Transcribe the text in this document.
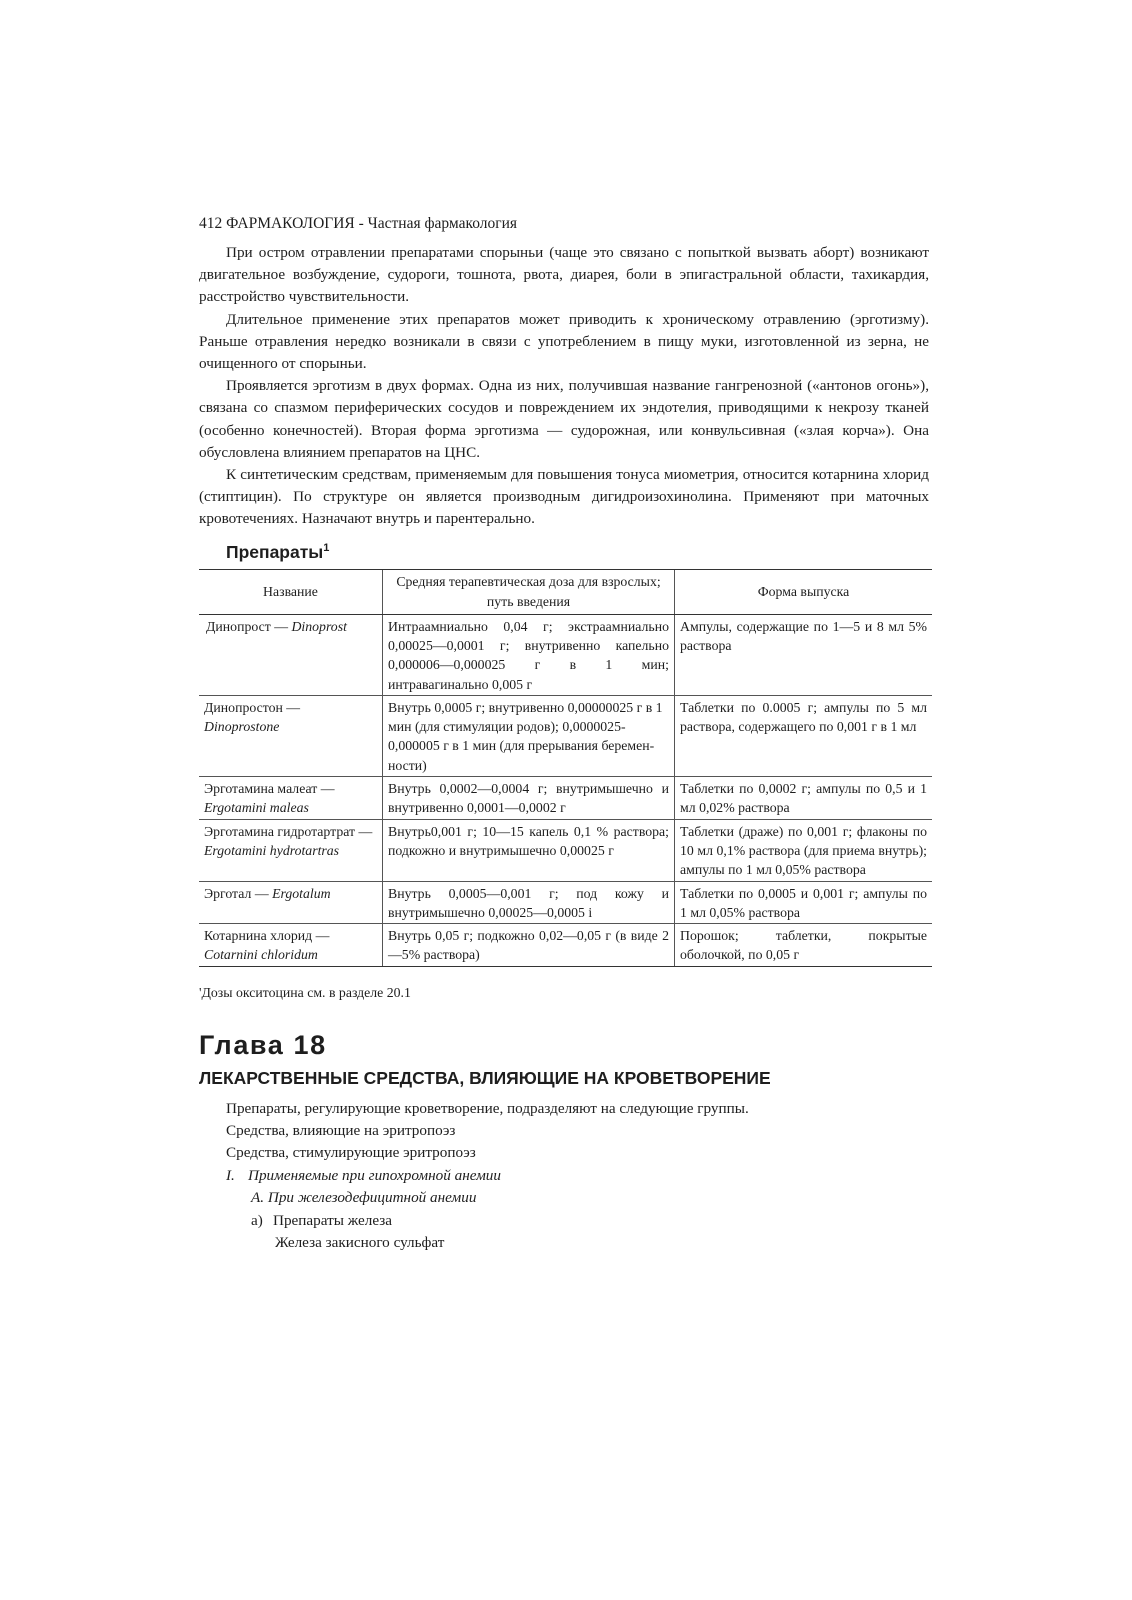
412 ФАРМАКОЛОГИЯ - Частная фармакология

При остром отравлении препаратами спорыньи (чаще это связано с попыткой вызвать аборт) возникают двигательное возбуждение, судороги, тошнота, рвота, диарея, боли в эпигастральной области, тахикардия, расстройство чувствительности.

Длительное применение этих препаратов может приводить к хроническому отравлению (эрготизму). Раньше отравления нередко возникали в связи с употреблением в пищу муки, изготовленной из зерна, не очищенного от спорыньи.

Проявляется эрготизм в двух формах. Одна из них, получившая название гангренозной («антонов огонь»), связана со спазмом периферических сосудов и повреждением их эндотелия, приводящими к некрозу тканей (особенно конечностей). Вторая форма эрготизма — судорожная, или конвульсивная («злая корча»). Она обусловлена влиянием препаратов на ЦНС.

К синтетическим средствам, применяемым для повышения тонуса миометрия, относится котарнина хлорид (стиптицин). По структуре он является производным дигидроизохинолина. Применяют при маточных кровотечениях. Назначают внутрь и парентерально.

Препараты$^1$
Название	Средняя терапевтическая доза для взрослых; путь введения	Форма выпуска
Динопрост — Dinoprost	Интраамниально 0,04 г; экстраамниально 0,00025—0,0001 г; внутривенно капельно 0,000006—0,000025 г в 1 мин; интравагинально 0,005 г	Ампулы, содержащие по 1—5 и 8 мл 5% раствора
Динопростон — Dinoprostone	Внутрь 0,0005 г; внутривенно 0,00000025 г в 1 мин (для стимуляции родов); 0,0000025-0,000005 г в 1 мин (для прерывания беременности)	Таблетки по 0.0005 г; ампулы по 5 мл раствора, содержащего по 0,001 г в 1 мл
Эрготамина малеат — Ergotamini maleas	Внутрь 0,0002—0,0004 г; внутримышечно и внутривенно 0,0001—0,0002 г	Таблетки по 0,0002 г; ампулы по 0,5 и 1 мл 0,02% раствора
Эрготамина гидротартрат — Ergotamini hydrotartras	Внутрь0,001 г; 10—15 капель 0,1 % раствора; подкожно и внутримышечно 0,00025 г	Таблетки (драже) по 0,001 г; флаконы по 10 мл 0,1% раствора (для приема внутрь); ампулы по 1 мл 0,05% раствора
Эрготал — Ergotalum	Внутрь 0,0005—0,001 г; под кожу и внутримышечно 0,00025—0,0005 i	Таблетки по 0,0005 и 0,001 г; ампулы по 1 мл 0,05% раствора
Котарнина хлорид — Cotarnini chloridum	Внутрь 0,05 г; подкожно 0,02—0,05 г (в виде 2—5% раствора)	Порошок; таблетки, покрытые оболочкой, по 0,05 г
'Дозы окситоцина см. в разделе 20.1
Глава 18
ЛЕКАРСТВЕННЫЕ СРЕДСТВА, ВЛИЯЮЩИЕ НА КРОВЕТВОРЕНИЕ

Препараты, регулирующие кроветворение, подразделяют на следующие группы.

Средства, влияющие на эритропоэз
Средства, стимулирующие эритропоэз
I. Применяемые при гипохромной анемии
А. При железодефицитной анемии
а) Препараты железа
Железа закисного сульфат
